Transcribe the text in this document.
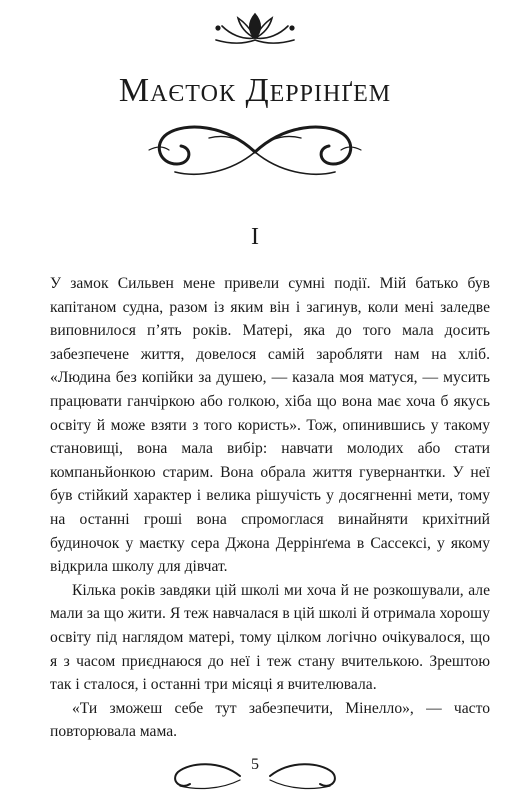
Маєток Деррінґем
I

У замок Сильвен мене привели сумні події. Мій батько був капітаном судна, разом із яким він і загинув, коли мені заледве виповнилося п’ять років. Матері, яка до того мала досить забезпечене життя, довелося самій заробляти нам на хліб. «Людина без копійки за душею, — казала моя матуся, — мусить працювати ганчіркою або голкою, хіба що вона має хоча б якусь освіту й може взяти з того користь». Тож, опинившись у такому становищі, вона мала вибір: навчати молодих або стати компаньйонкою старим. Вона обрала життя гувернантки. У неї був стійкий характер і велика рішучість у досягненні мети, тому на останні гроші вона спромоглася винайняти крихітний будиночок у маєтку сера Джона Деррінґема в Сассексі, у якому відкрила школу для дівчат.

Кілька років завдяки цій школі ми хоча й не розкошували, але мали за що жити. Я теж навчалася в цій школі й отримала хорошу освіту під наглядом матері, тому цілком логічно очікувалося, що я з часом приєднаюся до неї і теж стану вчителькою. Зрештою так і сталося, і останні три місяці я вчителювала.

«Ти зможеш себе тут забезпечити, Мінелло», — часто повторювала мама.

5
